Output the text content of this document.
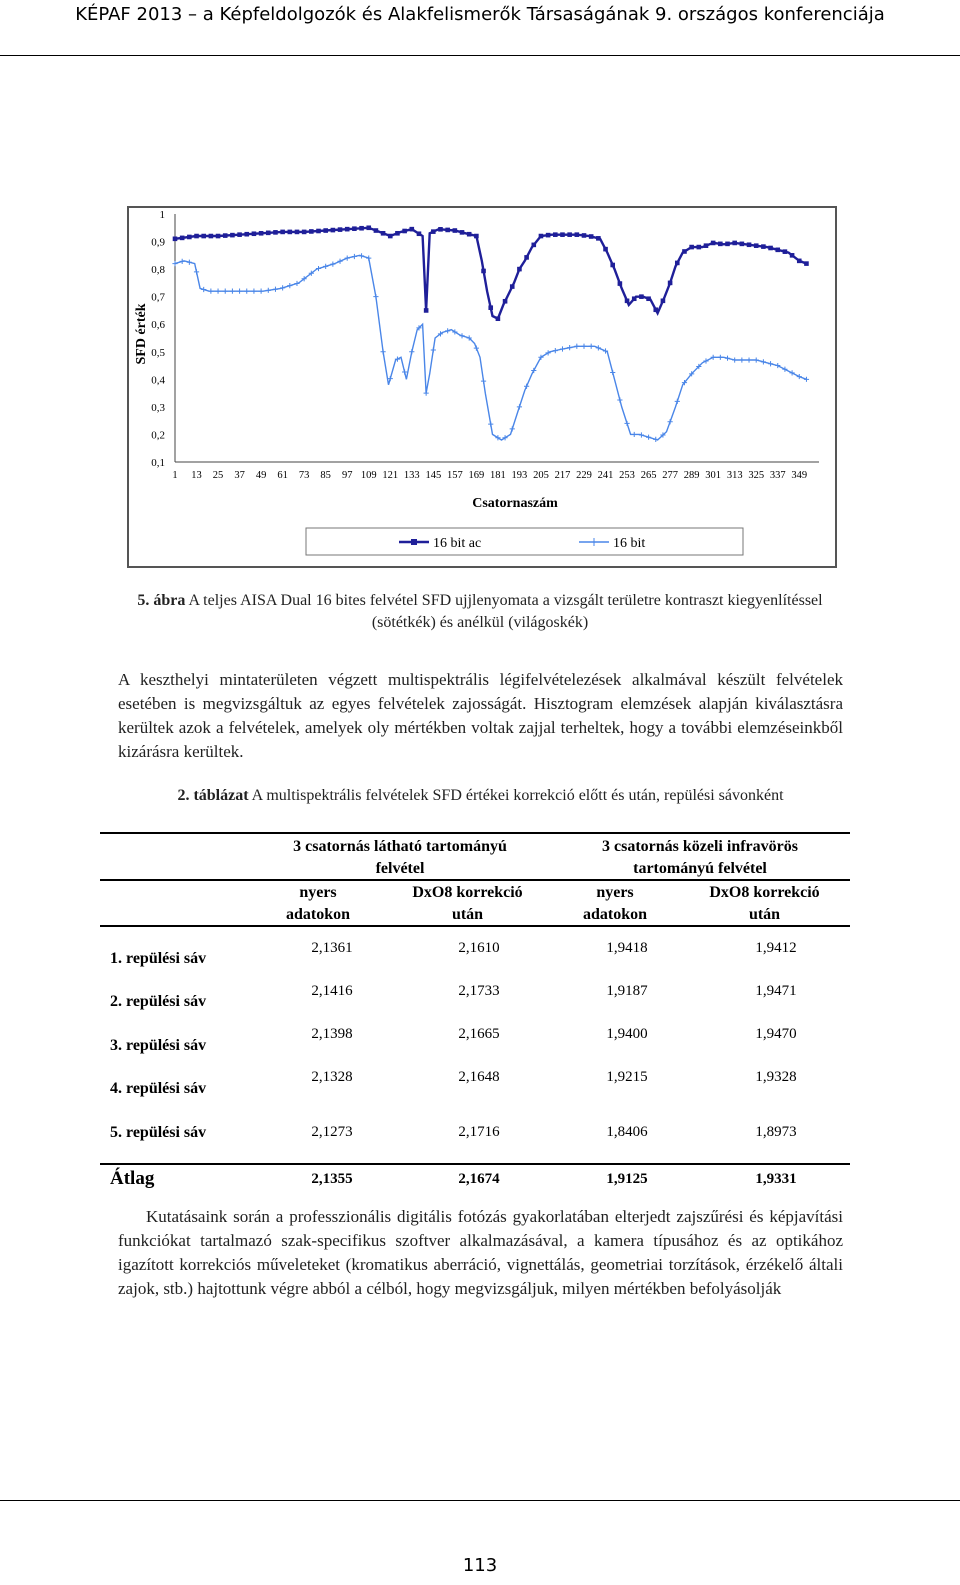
KÉPAF 2013 – a Képfeldolgozók és Alakfelismerők Társaságának 9. országos konferenciája
1
0,9
0,8
0,7
0,6
0,5
0,4
0,3
0,2
0,1
1 13 25 37 49 61 73 85 97 109 121 133 145 157 169 181 193 205 217 229 241 253 265 277 289 301 313 325 337 349
SFD érték
Csatornaszám
16 bit ac	16 bit
5. ábra A teljes AISA Dual 16 bites felvétel SFD ujjlenyomata a vizsgált területre kontraszt kiegyenlítéssel (sötétkék) és anélkül (világoskék)
A keszthelyi mintaterületen végzett multispektrális légifelvételezések alkalmával készült felvételek esetében is megvizsgáltuk az egyes felvételek zajosságát. Hisztogram elemzések alapján kiválasztásra kerültek azok a felvételek, amelyek oly mértékben voltak zajjal terheltek, hogy a további elemzéseinkből kizárásra kerültek.
2. táblázat A multispektrális felvételek SFD értékei korrekció előtt és után, repülési sávonként
3 csatornás látható tartományú felvétel
3 csatornás közeli infravörös tartományú felvétel
nyers adatokon
DxO8 korrekció után
nyers adatokon
DxO8 korrekció után
1. repülési sáv
2,1361	2,1610	1,9418	1,9412
2. repülési sáv
2,1416	2,1733	1,9187	1,9471
3. repülési sáv
2,1398	2,1665	1,9400	1,9470
4. repülési sáv
2,1328	2,1648	1,9215	1,9328
5. repülési sáv	2,1273	2,1716	1,8406	1,8973
Átlag	2,1355	2,1674	1,9125	1,9331
Kutatásaink során a professzionális digitális fotózás gyakorlatában elterjedt zajszűrési és képjavítási funkciókat tartalmazó szak-specifikus szoftver alkalmazásával, a kamera típusához és az optikához igazított korrekciós műveleteket (kromatikus aberráció, vignettálás, geometriai torzítások, érzékelő általi zajok, stb.) hajtottunk végre abból a célból, hogy megvizsgáljuk, milyen mértékben befolyásolják
113
